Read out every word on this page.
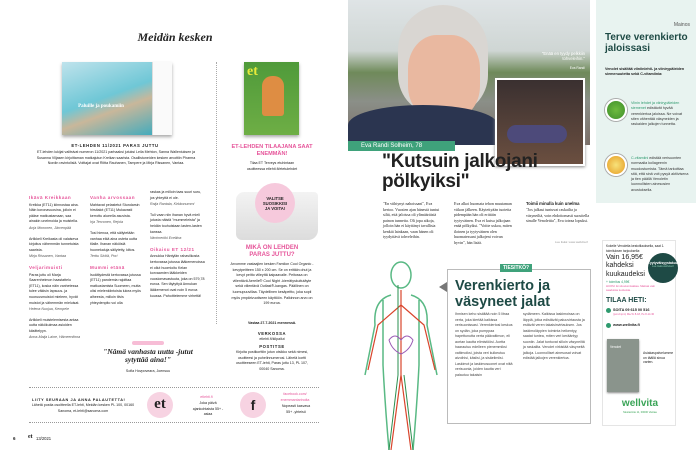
Meidän kesken
Paluille ja poukamiin
ET-LEHDEN 11/2021 PARAS JUTTU
ET-lehden lukijat valitsivat numeron 11/2021 parhaaksi jutuksi Leila Mehton, Sanna Walleniuksen ja Susanna Viljasen kirjoittaman matkajutun Kreikan saarista. Osallistuneiden kesken arvottiin Pharma Nordin ravintolisiä. Voittajat ovat Riitta Rauhanen, Tampere ja Mirja Rissanen, Vantaa.
Ikävä Kreikkaan
Kreikka (ET11) kiinnostaa aina. Näin koronavuosina, jolloin ei pääse matkustamaan, saa ainakin unelmoida ja muistella.
Anja Mononen, Järvenpää
Artikkeli Kreikasta oli valaiseva kirjoitus vähemmän tunnetuista saarista.
Mirja Rissanen, Vantaa
Veljarimuisti
Paras juttu oli Marja Saarenheimon haastattelu (ET11), koska näin vanhetessa tulee väkisin lapsuus- ja nuoruusmuistot mieleen, hyvät muistot ja vähemmän mieluisat.
Helena Nuojua, Kempele
Artikkeli muistelemisesta antaa uutta näkökulmaa asioiden käsittelyyn.
Anna-Maija Laine, Hämeenlinna
Vanha arvossaan
Mahtavat pelastetut Stundarsin hirsitalot (ET11) Mukavasti kerrottu alueella asuvista.
Irja Tervonen, Rejola
Tosi hienoa, että säilytetään vanhaa eikä aina osteta uutta tilalle. Ihanan näköisiä huonekaluja säilytetty, kiitos.
Terttu Sirkiä, Pori
Mummi etänä
Isoäitiydestä kertovassa jutussa (ET11) pandemia rajoittaa matkustamista Suomeen, mutta olisi mielenkiintoista lukea myös alheesta, milloin tiivis yhteydenpito voi olla
raskas ja milloin taas suuri suru, jos yhteyttä ei ole.
Raija Rantala, Kirkkonummi
Tuli vaan niin ihanan hyvä mieli jutusta näistä "mummeleista" ja heidän touhuistaan lasten-lasten kanssa.
Nimimerkki Eveliina
Oikaisu ET 12/21
Annukka Häntylän rahavilkosta kertovassa jutussa lääkemenoissa ei ollut huomioitu Kelan korvaamien lääkkeiden vuosiomavastuuta, joka on 579,78 euroa. Sen täytyttyä Annukan lääkemenot ovat noin 5 euroa kuussa. Pahoittelemme virhettä!
"Nämä vanhasta uutta -jutut sytyttää aina!"
Sofia Hovpoveara, Joensuu
et
ET-LEHDEN TILAAJANA SAAT ENEMMÄN!
Tilaa ET Terveys etuhintaan osoitteessa etlehti.fi/etetulehdet
VALITSE SUOSIKKISI JA VOITA!
MIKÄ ON LEHDEN PARAS JUTTU?
Arvomme vastaajien kesken Familon Cool Organic -kevytpeitteen 150 x 200 cm. Se on erittäin ohut ja kevyt peitto viileyttä kaipaavalle. Peitossa on viilentävä Aerelle® Cool Night -kierrätyskuitutäyte sekä viilentävä Outlast®-kangas. Päällinen on luomupuuvillaa. Täydellinen kesäpeitto, joka sopii myös ympärivuotiseen käyttöön. Palkinnon arvo on 199 euroa.
Vastaa 27.7.2021 mennessä.
VERKOSSA
etlehti.fi/kilpailut
POSTITSE
Kirjoita postikorttiin jutun otsikko sekä nimesi, osoitteesi ja puhelinnumerosi. Lähetä kortti osoitteeseen ET-lehti, Paras juttu 13, PL 107, 00040 Sanoma.
LIITY SEURAAN JA ANNA PALAUTETTA!
Lähetä postia osoitteella ET-lehti, Meidän kesken PL 100, 00160 Sanoma, et-lehti@sanoma.com	et	etlehti.fi
Joka päivä ajankohtaista 55+ -asiaa
f
facebook.com/ enemmantarinoita
Nopeasti kasvava 55+ -yhteisö
6 et 13/2021
"Enää en tyydy pelkkiin tohveleihin."
Eva Randi
Eva Randi Solheim, 78
"Kutsuin jalkojani pölkyiksi"
"En viihtynyt nahoissani", Eva kertoo. Vuosien ajan hänestä tuntui siltä, että jaloissa oli ylimääräistä painon tunnetta. Oli jopa aikoja, jolloin hän ei käyttänyt tavallisia kenkiä lainkaan, vaan hänen oli tyydyttävä tohveleihin.
Eva alkoi huomata tehon muutaman viikon jälkeen. Käytettyään tuotetta pidempään hän oli erittäin tyytyväinen. Eva ei kutsu jalkojaan enää pölkyiksi. "Voitte uskoa, miten iloinen ja tyytyväinen olen huomatessani jalkojeni voivan hyvin", hän lisää.
Toimii minulla kuin unelma
"Jos jalkasi tuntuvat raskailta ja väsyneiltä, voin ehdottomasti suositella sinulle Venolettia", Eva toteaa lopuksi.
Lue lisää: www.wellvita.fi
TIESITKÖ?
Verenkierto ja väsyneet jalat
Ihmisen keho sisältää noin 5 litraa verta, joka kiertää kaikissa verisuonissasi. Verenkiertosi keskus on sydän, joka pumppaa hapettunutta verta päävaltimon, eli aortan kautta elimistöösi. Aortta haarautuu edelleen pienemmiksi valtimoiksi, joista veri kulkeutuu aivoihisi, käsiisi, ja sisäelimiisi. Laskimot ja laskimosuonet ovat niitä verisuonia, joiden kautta veri palautuu takaisin
sydämeen. Kaikissa laskimoissa on läppiä, jotka edistävät paluuvirtausta ja estävät veren takaisinvirtauksen. Jos laskimoläppien toiminta heikentyy, saatat tuntea, miten veri kerääntyy suoniin. Jalat tuntuvat silloin väsyneiltä ja raskailta. Venolet virkistää väsyneitä jalkoja. Luonnolliset ainesosat voivat edistää jalkojen verenkiertoa.
Mainos
Terve verenkierto jaloissasi
Venolet sisältää viiniinlehti- ja viinirypäleiden siemenuutetta sekä C-vitamiinia:
Viinin lehdet ja viinirypäleiden siemenet edistävät hyvää verenkiertoa jaloissa. Ne voivat siten vähentää väsyneiden ja raskaiden jalkojen tunnetta.
C-vitamiini edistää verisuonten normaalia kollageenin muodostumista. Tämä tarkoittaa sitä, että sinä voit pysyä aktiivisena ja tien päällä Venoletin luonnollisten ainesosien avustuksella.
Kokeile Venoletia kestotilauksella, saat 1. toimituksen tarjouksella:
Vain 16,95€ kahdeksi kuukaudeksi
+ toimitus 4,95€
HUOM. Ei sitoutumisaikaa. Maksat vain saaduista tuotteista.
Tyytyväisyystakuu!
Lue lisää wellvita.fi
TILAA HETI:
SOITA 09 615 00 516
(pvm/mpm) Ma-To 8-18, Pe 8-14.30
www.wellvita.fi
Venolet
Asiakaspalvelumme on täällä sinua varten.
wellvita
Mestarintie 11, 00000 Vantaa
